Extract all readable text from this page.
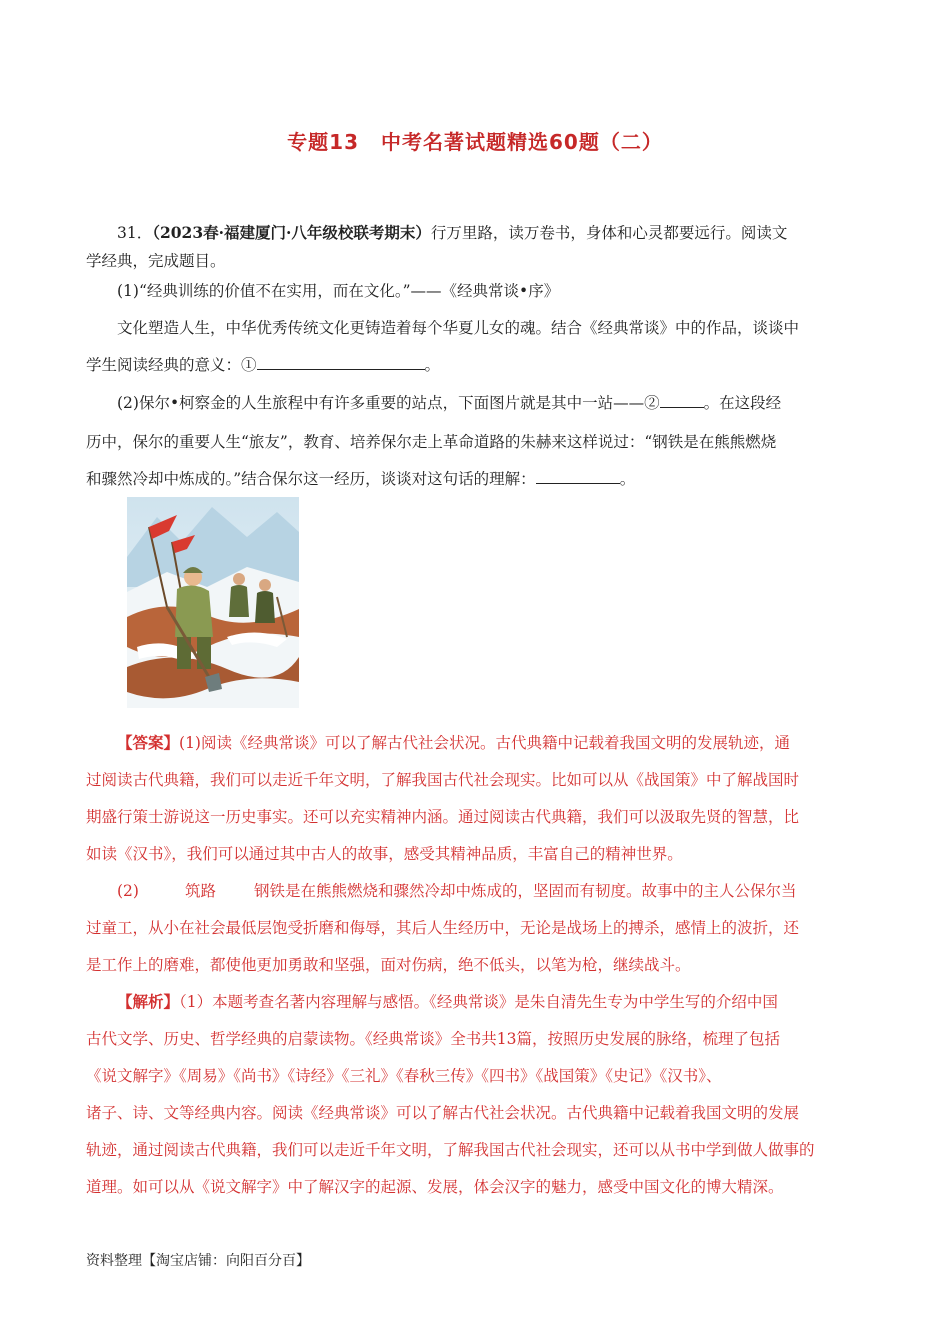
专题13 中考名著试题精选60题（二）

31．（2023春·福建厦门·八年级校联考期末）行万里路，读万卷书，身体和心灵都要远行。阅读文

学经典，完成题目。

(1)“经典训练的价值不在实用，而在文化。”——《经典常谈•序》

文化塑造人生，中华优秀传统文化更铸造着每个华夏儿女的魂。结合《经典常谈》中的作品，谈谈中

学生阅读经典的意义：①	。

(2)保尔•柯察金的人生旅程中有许多重要的站点，下面图片就是其中一站——②	。在这段经

历中，保尔的重要人生“旅友”，教育、培养保尔走上革命道路的朱赫来这样说过：“钢铁是在熊熊燃烧

和骤然冷却中炼成的。”结合保尔这一经历，谈谈对这句话的理解：	。

【答案】(1)阅读《经典常谈》可以了解古代社会状况。古代典籍中记载着我国文明的发展轨迹，通

过阅读古代典籍，我们可以走近千年文明，了解我国古代社会现实。比如可以从《战国策》中了解战国时

期盛行策士游说这一历史事实。还可以充实精神内涵。通过阅读古代典籍，我们可以汲取先贤的智慧，比

如读《汉书》，我们可以通过其中古人的故事，感受其精神品质，丰富自己的精神世界。

(2)	筑路 钢铁是在熊熊燃烧和骤然冷却中炼成的，坚固而有韧度。故事中的主人公保尔当

过童工，从小在社会最低层饱受折磨和侮辱，其后人生经历中，无论是战场上的搏杀，感情上的波折，还

是工作上的磨难，都使他更加勇敢和坚强，面对伤病，绝不低头，以笔为枪，继续战斗。

【解析】（1）本题考查名著内容理解与感悟。《经典常谈》是朱自清先生专为中学生写的介绍中国

古代文学、历史、哲学经典的启蒙读物。《经典常谈》全书共13篇，按照历史发展的脉络，梳理了包括

《说文解字》《周易》《尚书》《诗经》《三礼》《春秋三传》《四书》《战国策》《史记》《汉书》、

诸子、诗、文等经典内容。阅读《经典常谈》可以了解古代社会状况。古代典籍中记载着我国文明的发展

轨迹，通过阅读古代典籍，我们可以走近千年文明，了解我国古代社会现实，还可以从书中学到做人做事的

道理。如可以从《说文解字》中了解汉字的起源、发展，体会汉字的魅力，感受中国文化的博大精深。

资料整理【淘宝店铺：向阳百分百】
